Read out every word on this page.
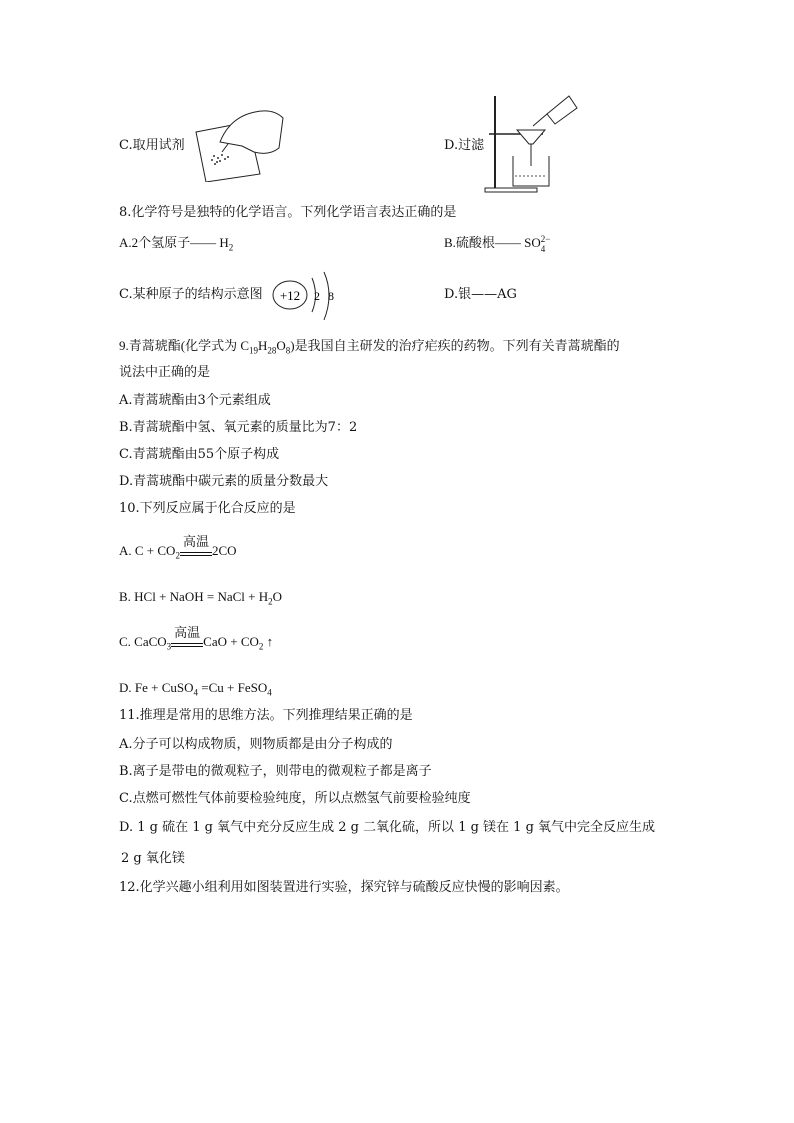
C.取用试剂	D.过滤
8.化学符号是独特的化学语言。下列化学语言表达正确的是
A.2个氢原子—— $H_2$	B.硫酸根—— SO 2−
4
C.某种原子的结构示意图 +12 2 8	D.银——AG
9.青蒿琥酯(化学式为 $C_{19}H_{28}O_8$)是我国自主研发的治疗疟疾的药物。下列有关青蒿琥酯的
说法中正确的是
A.青蒿琥酯由3个元素组成
B.青蒿琥酯中氢、氧元素的质量比为7：2
C.青蒿琥酯由55个原子构成
D.青蒿琥酯中碳元素的质量分数最大
10.下列反应属于化合反应的是
A. $C + CO_2$
高温
2CO
B. HCl + NaOH = NaCl + $H_2O$
C. CaCO$_3$
高温
CaO + $CO_2$ ↑
D. Fe + CuSO$_4$ =Cu + FeSO$_4$
11.推理是常用的思维方法。下列推理结果正确的是
A.分子可以构成物质，则物质都是由分子构成的
B.离子是带电的微观粒子，则带电的微观粒子都是离子
C.点燃可燃性气体前要检验纯度，所以点燃氢气前要检验纯度
D. 1 g 硫在 1 g 氧气中充分反应生成 2 g 二氧化硫，所以 1 g 镁在 1 g 氧气中完全反应生成
2 g 氧化镁
12.化学兴趣小组利用如图装置进行实验，探究锌与硫酸反应快慢的影响因素。
